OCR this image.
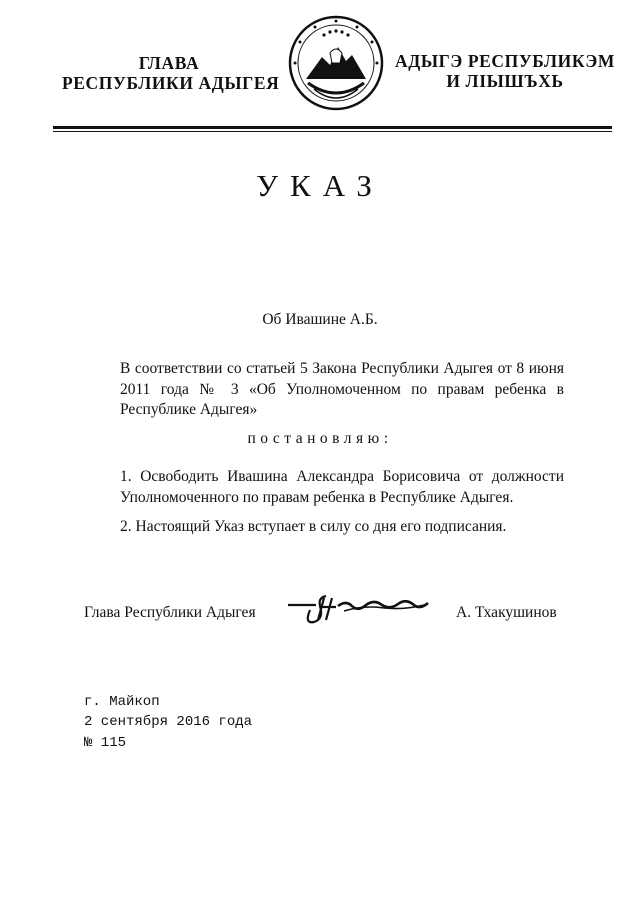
ГЛАВА
РЕСПУБЛИКИ АДЫГЕЯ
АДЫГЭ РЕСПУБЛИКЭМ
И ЛІЫШЪХЬ
УКАЗ
Об Ивашине А.Б.
В соответствии со статьей 5 Закона Республики Адыгея от 8 июня 2011 года № 3 «Об Уполномоченном по правам ребенка в Республике Адыгея»
постановляю:
1. Освободить Ивашина Александра Борисовича от должности Уполномоченного по правам ребенка в Республике Адыгея.
2. Настоящий Указ вступает в силу со дня его подписания.
Глава Республики Адыгея	А. Тхакушинов
г. Майкоп
2 сентября 2016 года
№ 115
